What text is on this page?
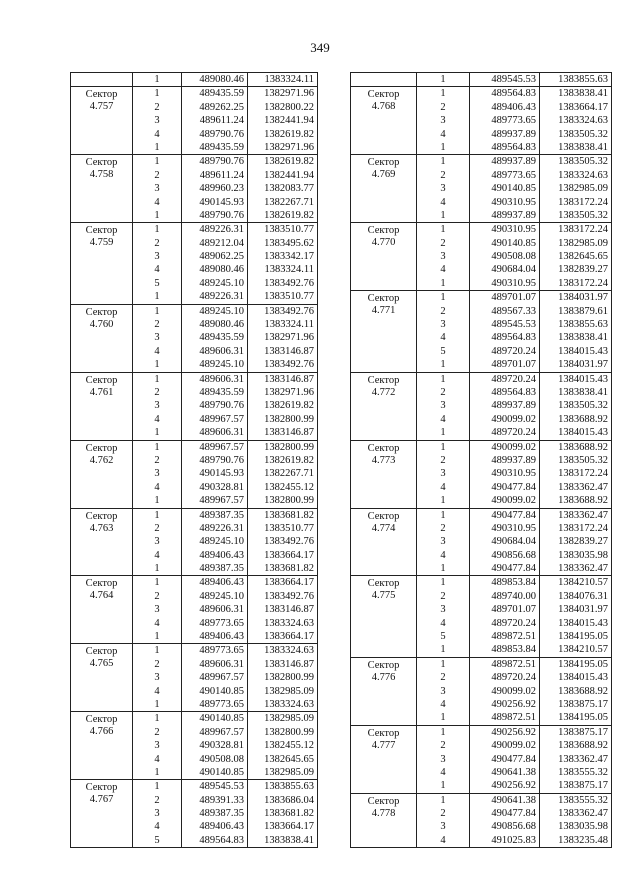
349
1	489080.46	1383324.11
Сектор
4.757
1	489435.59	1382971.96
2	489262.25	1382800.22
3	489611.24	1382441.94
4	489790.76	1382619.82
1	489435.59	1382971.96
Сектор
4.758
1	489790.76	1382619.82
2	489611.24	1382441.94
3	489960.23	1382083.77
4	490145.93	1382267.71
1	489790.76	1382619.82
Сектор
4.759
1	489226.31	1383510.77
2	489212.04	1383495.62
3	489062.25	1383342.17
4	489080.46	1383324.11
5	489245.10	1383492.76
1	489226.31	1383510.77
Сектор
4.760
1	489245.10	1383492.76
2	489080.46	1383324.11
3	489435.59	1382971.96
4	489606.31	1383146.87
1	489245.10	1383492.76
Сектор
4.761
1	489606.31	1383146.87
2	489435.59	1382971.96
3	489790.76	1382619.82
4	489967.57	1382800.99
1	489606.31	1383146.87
Сектор
4.762
1	489967.57	1382800.99
2	489790.76	1382619.82
3	490145.93	1382267.71
4	490328.81	1382455.12
1	489967.57	1382800.99
Сектор
4.763
1	489387.35	1383681.82
2	489226.31	1383510.77
3	489245.10	1383492.76
4	489406.43	1383664.17
1	489387.35	1383681.82
Сектор
4.764
1	489406.43	1383664.17
2	489245.10	1383492.76
3	489606.31	1383146.87
4	489773.65	1383324.63
1	489406.43	1383664.17
Сектор
4.765
1	489773.65	1383324.63
2	489606.31	1383146.87
3	489967.57	1382800.99
4	490140.85	1382985.09
1	489773.65	1383324.63
Сектор
4.766
1	490140.85	1382985.09
2	489967.57	1382800.99
3	490328.81	1382455.12
4	490508.08	1382645.65
1	490140.85	1382985.09
Сектор
4.767
1	489545.53	1383855.63
2	489391.33	1383686.04
3	489387.35	1383681.82
4	489406.43	1383664.17
5	489564.83	1383838.41
1	489545.53	1383855.63
Сектор
4.768
1	489564.83	1383838.41
2	489406.43	1383664.17
3	489773.65	1383324.63
4	489937.89	1383505.32
1	489564.83	1383838.41
Сектор
4.769
1	489937.89	1383505.32
2	489773.65	1383324.63
3	490140.85	1382985.09
4	490310.95	1383172.24
1	489937.89	1383505.32
Сектор
4.770
1	490310.95	1383172.24
2	490140.85	1382985.09
3	490508.08	1382645.65
4	490684.04	1382839.27
1	490310.95	1383172.24
Сектор
4.771
1	489701.07	1384031.97
2	489567.33	1383879.61
3	489545.53	1383855.63
4	489564.83	1383838.41
5	489720.24	1384015.43
1	489701.07	1384031.97
Сектор
4.772
1	489720.24	1384015.43
2	489564.83	1383838.41
3	489937.89	1383505.32
4	490099.02	1383688.92
1	489720.24	1384015.43
Сектор
4.773
1	490099.02	1383688.92
2	489937.89	1383505.32
3	490310.95	1383172.24
4	490477.84	1383362.47
1	490099.02	1383688.92
Сектор
4.774
1	490477.84	1383362.47
2	490310.95	1383172.24
3	490684.04	1382839.27
4	490856.68	1383035.98
1	490477.84	1383362.47
Сектор
4.775
1	489853.84	1384210.57
2	489740.00	1384076.31
3	489701.07	1384031.97
4	489720.24	1384015.43
5	489872.51	1384195.05
1	489853.84	1384210.57
Сектор
4.776
1	489872.51	1384195.05
2	489720.24	1384015.43
3	490099.02	1383688.92
4	490256.92	1383875.17
1	489872.51	1384195.05
Сектор
4.777
1	490256.92	1383875.17
2	490099.02	1383688.92
3	490477.84	1383362.47
4	490641.38	1383555.32
1	490256.92	1383875.17
Сектор
4.778
1	490641.38	1383555.32
2	490477.84	1383362.47
3	490856.68	1383035.98
4	491025.83	1383235.48
